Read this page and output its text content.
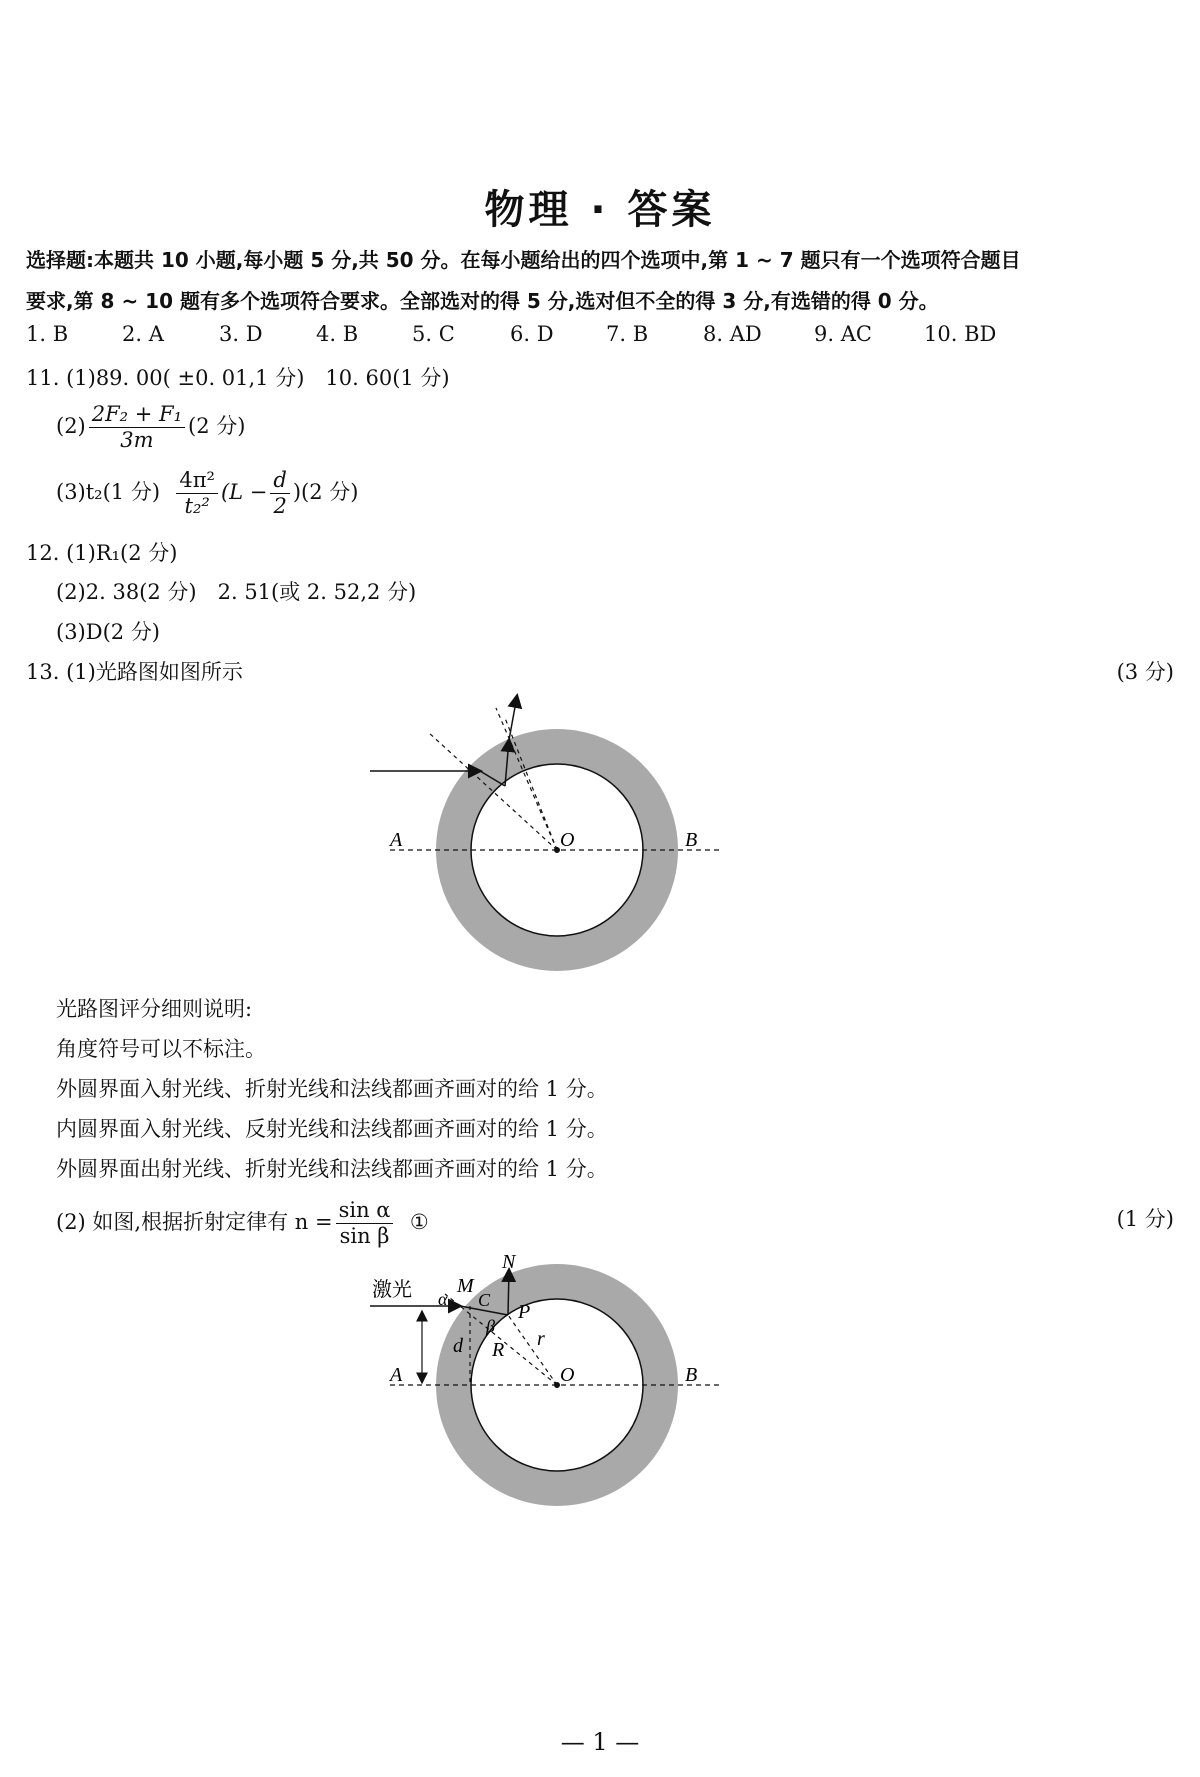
物理 · 答案
选择题:本题共 10 小题,每小题 5 分,共 50 分。在每小题给出的四个选项中,第 1 ~ 7 题只有一个选项符合题目
要求,第 8 ~ 10 题有多个选项符合要求。全部选对的得 5 分,选对但不全的得 3 分,有选错的得 0 分。
1. B	2. A	3. D	4. B	5. C	6. D 7. B	8. AD 9. AC 10. BD
11. (1)89. 00( ±0. 01,1 分)　10. 60(1 分)
$(2) \frac{\text{2F₂ + F₁}}{3m} (2$ 分)
(3)t₂(1 分) $\frac{\text{4π²}}{\text{t₂²}} (L - \frac{d}{2} )(2$ 分)
12. (1)R₁(2 分)
(2)2. 38(2 分)　2. 51(或 2. 52,2 分)
(3)D(2 分)
13. (1)光路图如图所示	(3 分)
A	B
O
光路图评分细则说明:
角度符号可以不标注。
外圆界面入射光线、折射光线和法线都画齐画对的给 1 分。
内圆界面入射光线、反射光线和法线都画齐画对的给 1 分。
外圆界面出射光线、折射光线和法线都画齐画对的给 1 分。
(2) 如图,根据折射定律有 $n = \frac{\text{sin α}}{\text{sin β}}$ ①	(1 分)
激光 M
N
C
P
α
β
d R r
A	B
O
— 1 —
